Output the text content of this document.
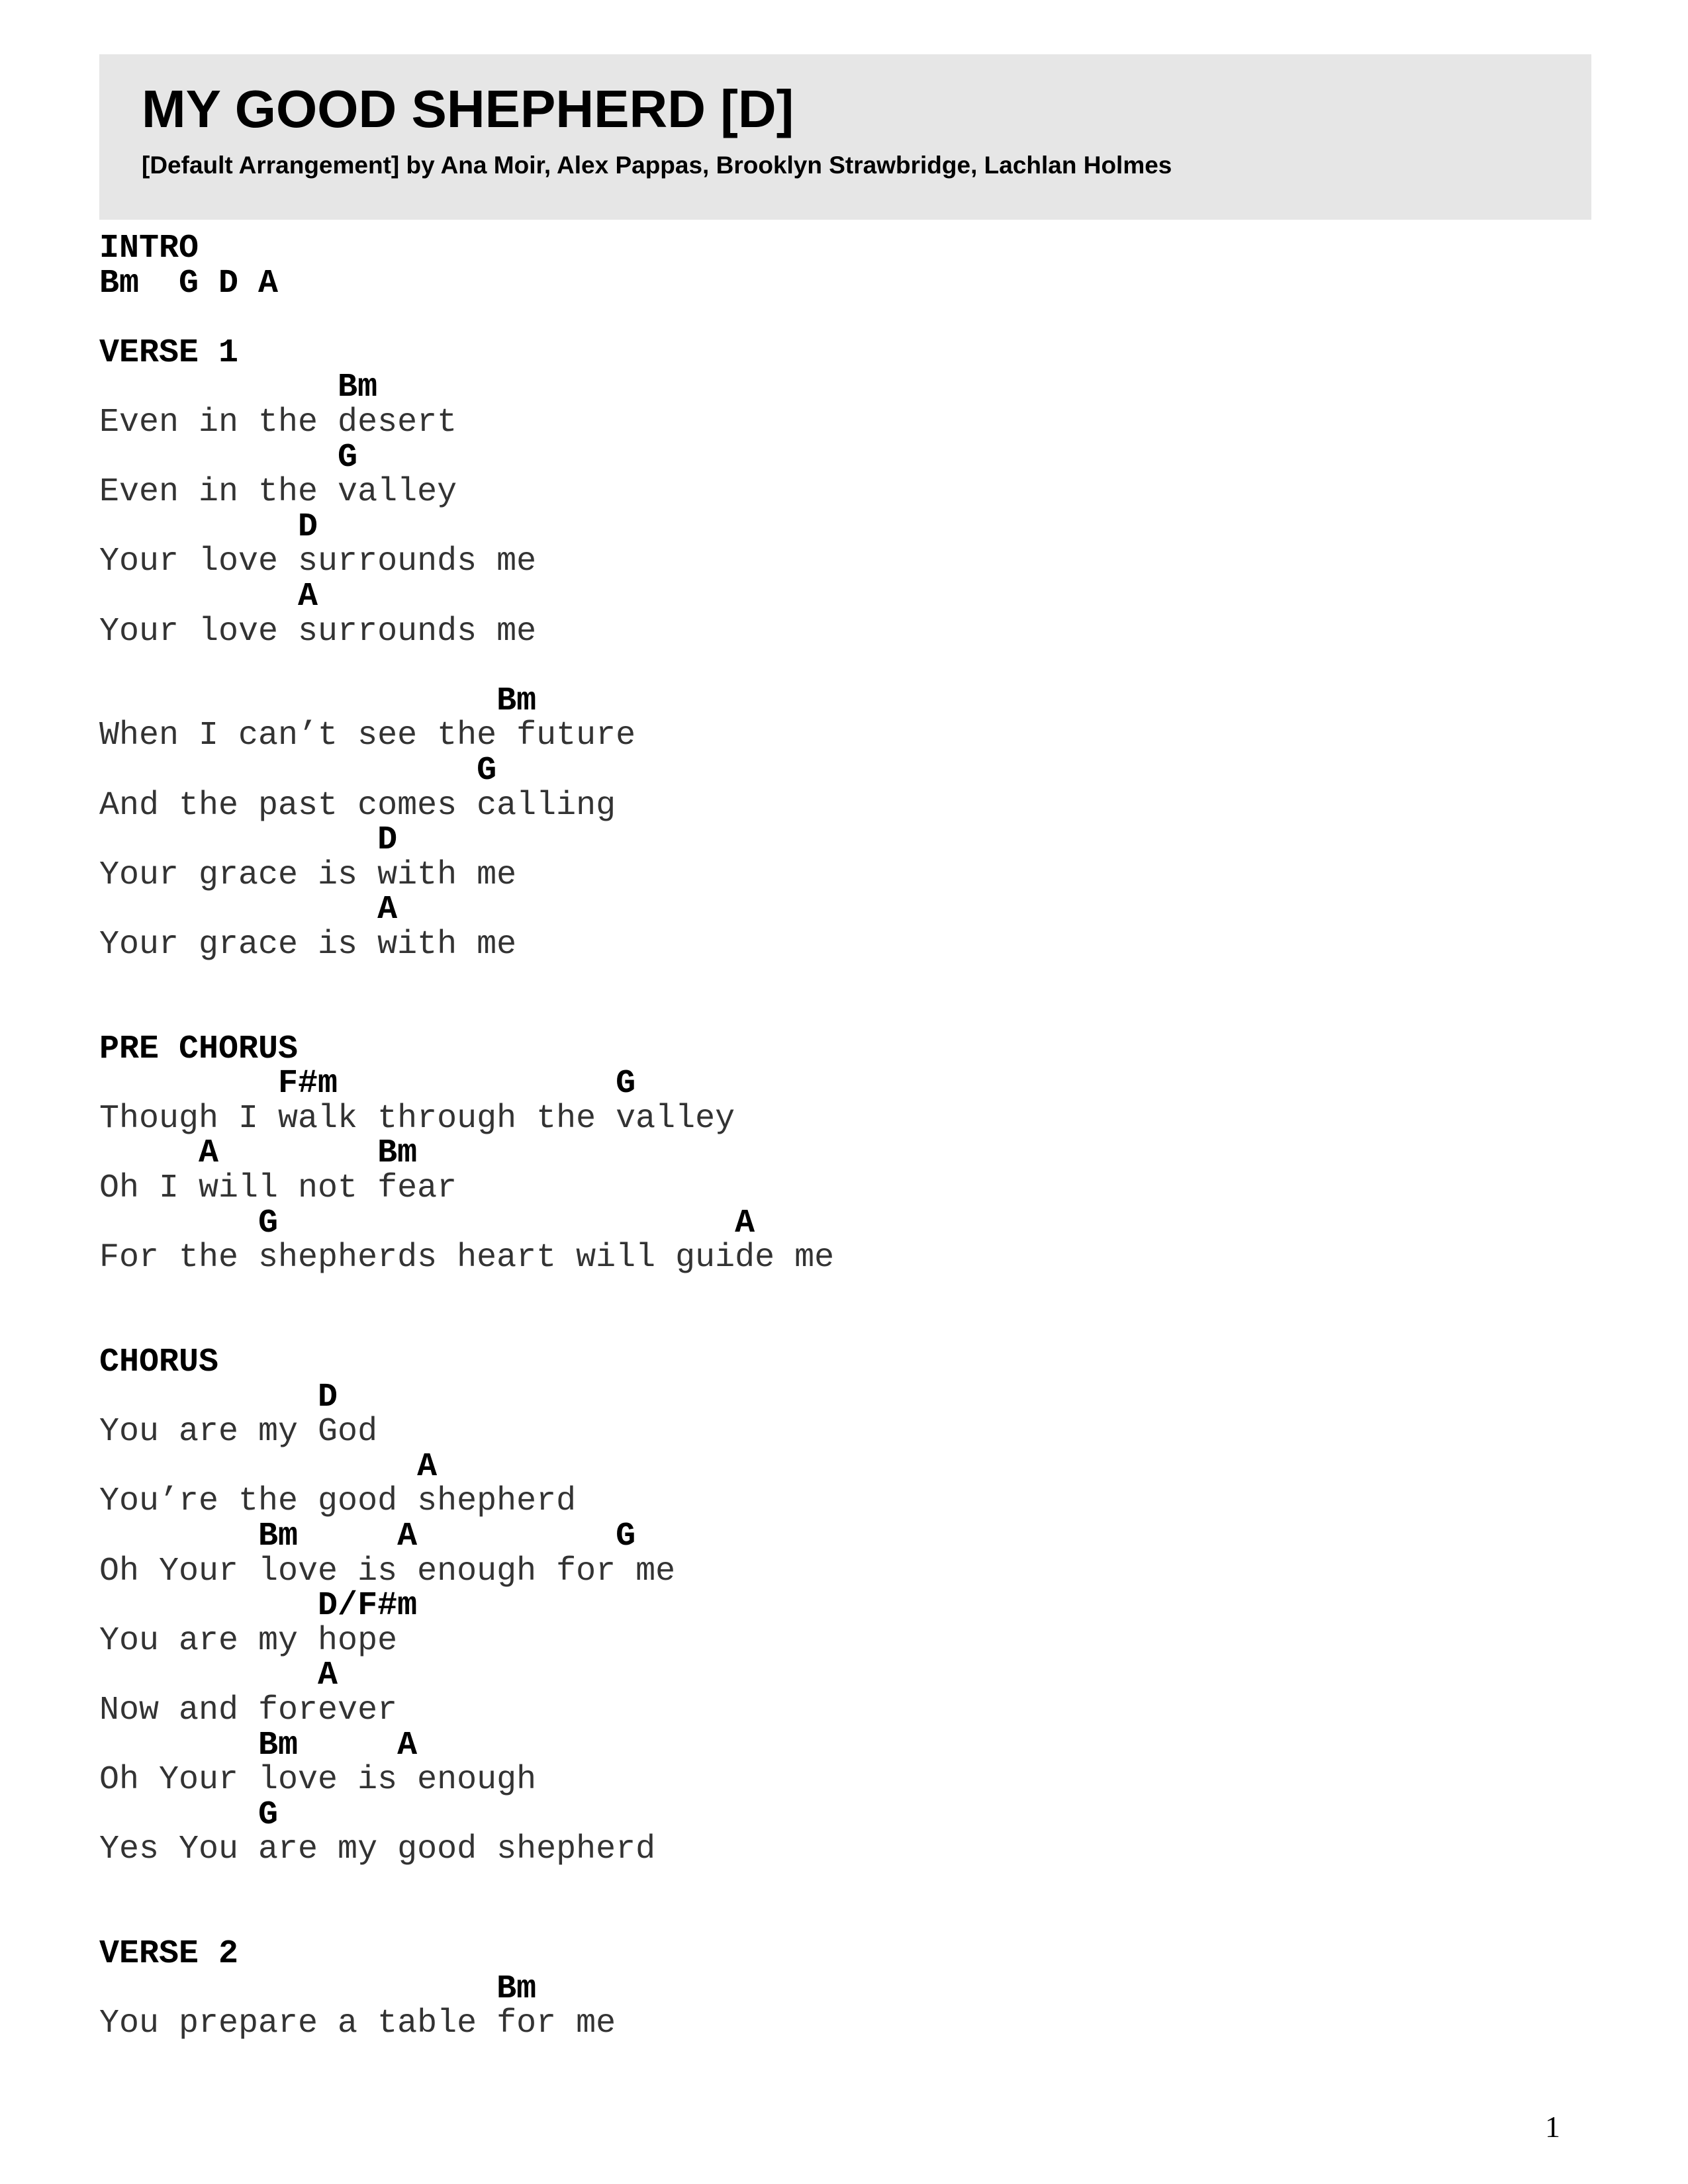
MY GOOD SHEPHERD [D]

[Default Arrangement] by Ana Moir, Alex Pappas, Brooklyn Strawbridge, Lachlan Holmes

INTRO
Bm  G D A
VERSE 1
Bm
Even in the desert
G
Even in the valley
D
Your love surrounds me
A
Your love surrounds me
Bm
When I can’t see the future
G
And the past comes calling
D
Your grace is with me
A
Your grace is with me
PRE CHORUS
F#m              G
Though I walk through the valley
A        Bm
Oh I will not fear
G                       A
For the shepherds heart will guide me
CHORUS
D
You are my God
A
You’re the good shepherd
Bm     A          G
Oh Your love is enough for me
D/F#m
You are my hope
A
Now and forever
Bm     A
Oh Your love is enough
G
Yes You are my good shepherd
VERSE 2
Bm
You prepare a table for me
1
